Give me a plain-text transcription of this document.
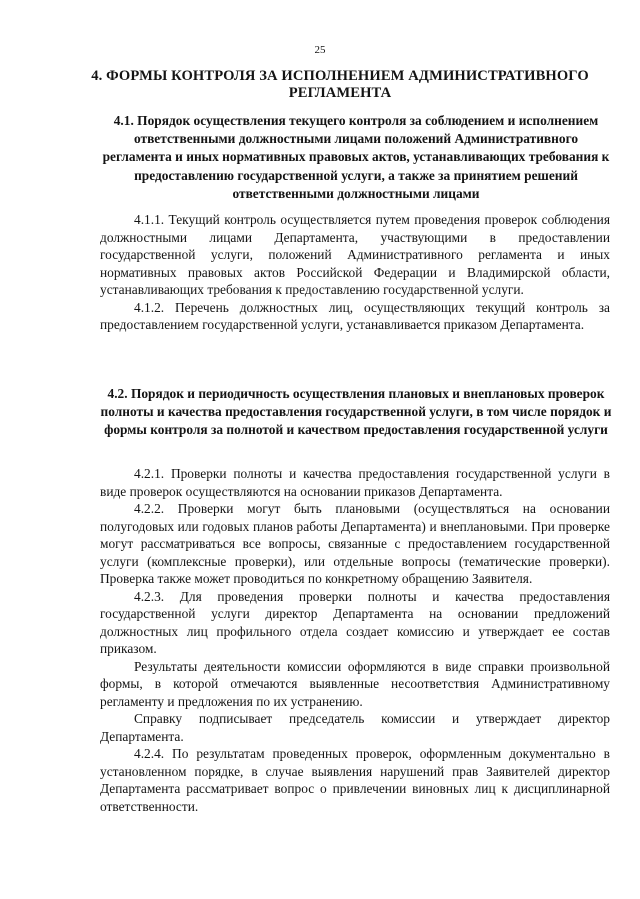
25
4. ФОРМЫ КОНТРОЛЯ ЗА ИСПОЛНЕНИЕМ АДМИНИСТРАТИВНОГО РЕГЛАМЕНТА
4.1. Порядок осуществления текущего контроля за соблюдением и исполнением ответственными должностными лицами положений Административного регламента и иных нормативных правовых актов, устанавливающих требования к предоставлению государственной услуги, а также за принятием решений ответственными должностными лицами

4.1.1. Текущий контроль осуществляется путем проведения проверок соблюдения должностными лицами Департамента, участвующими в предоставлении государственной услуги, положений Административного регламента и иных нормативных правовых актов Российской Федерации и Владимирской области, устанавливающих требования к предоставлению государственной услуги.

4.1.2. Перечень должностных лиц, осуществляющих текущий контроль за предоставлением государственной услуги, устанавливается приказом Департамента.

4.2. Порядок и периодичность осуществления плановых и внеплановых проверок полноты и качества предоставления государственной услуги, в том числе порядок и формы контроля за полнотой и качеством предоставления государственной услуги

4.2.1. Проверки полноты и качества предоставления государственной услуги в виде проверок осуществляются на основании приказов Департамента.

4.2.2. Проверки могут быть плановыми (осуществляться на основании полугодовых или годовых планов работы Департамента) и внеплановыми. При проверке могут рассматриваться все вопросы, связанные с предоставлением государственной услуги (комплексные проверки), или отдельные вопросы (тематические проверки). Проверка также может проводиться по конкретному обращению Заявителя.

4.2.3. Для проведения проверки полноты и качества предоставления государственной услуги директор Департамента на основании предложений должностных лиц профильного отдела создает комиссию и утверждает ее состав приказом.

Результаты деятельности комиссии оформляются в виде справки произвольной формы, в которой отмечаются выявленные несоответствия Административному регламенту и предложения по их устранению.

Справку подписывает председатель комиссии и утверждает директор Департамента.

4.2.4. По результатам проведенных проверок, оформленным документально в установленном порядке, в случае выявления нарушений прав Заявителей директор Департамента рассматривает вопрос о привлечении виновных лиц к дисциплинарной ответственности.
